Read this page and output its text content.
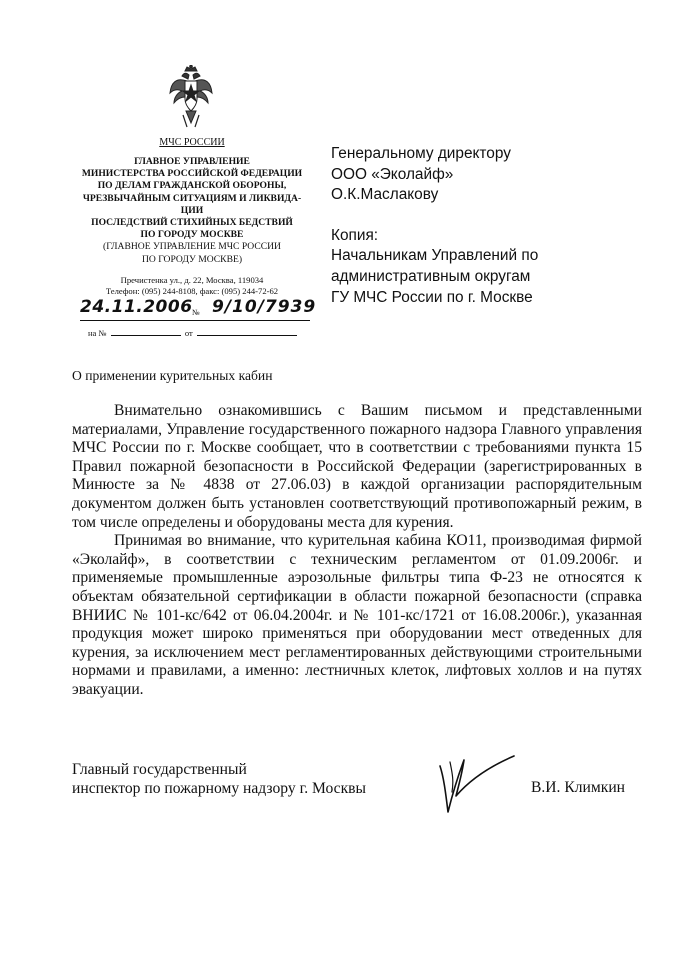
МЧС РОССИИ
ГЛАВНОЕ УПРАВЛЕНИЕ
МИНИСТЕРСТВА РОССИЙСКОЙ ФЕДЕРАЦИИ
ПО ДЕЛАМ ГРАЖДАНСКОЙ ОБОРОНЫ,
ЧРЕЗВЫЧАЙНЫМ СИТУАЦИЯМ И ЛИКВИДА-
ЦИИ
ПОСЛЕДСТВИЙ СТИХИЙНЫХ БЕДСТВИЙ
ПО ГОРОДУ МОСКВЕ
(ГЛАВНОЕ УПРАВЛЕНИЕ МЧС РОССИИ
ПО ГОРОДУ МОСКВЕ)
Пречистенка ул., д. 22, Москва, 119034
Телефон: (095) 244-8108, факс: (095) 244-72-62
24.11.2006 № 9/10/7939
на №	от
Генеральному директору
ООО «Эколайф»
О.К.Маслакову
Копия:
Начальникам Управлений по
административным округам
ГУ МЧС России по г. Москве
О применении курительных кабин

Внимательно ознакомившись с Вашим письмом и представленными материалами, Управление государственного пожарного надзора Главного управления МЧС России по г. Москве сообщает, что в соответствии с требованиями пункта 15 Правил пожарной безопасности в Российской Федерации (зарегистрированных в Минюсте за № 4838 от 27.06.03) в каждой организации распорядительным документом должен быть установлен соответствующий противопожарный режим, в том числе определены и оборудованы места для курения.

Принимая во внимание, что курительная кабина КО11, производимая фирмой «Эколайф», в соответствии с техническим регламентом от 01.09.2006г. и применяемые промышленные аэрозольные фильтры типа Ф-23 не относятся к объектам обязательной сертификации в области пожарной безопасности (справка ВНИИС № 101-кс/642 от 06.04.2004г. и № 101-кс/1721 от 16.08.2006г.), указанная продукция может широко применяться при оборудовании мест отведенных для курения, за исключением мест регламентированных действующими строительными нормами и правилами, а именно: лестничных клеток, лифтовых холлов и на путях эвакуации.

Главный государственный
инспектор по пожарному надзору г. Москвы	В.И. Климкин
